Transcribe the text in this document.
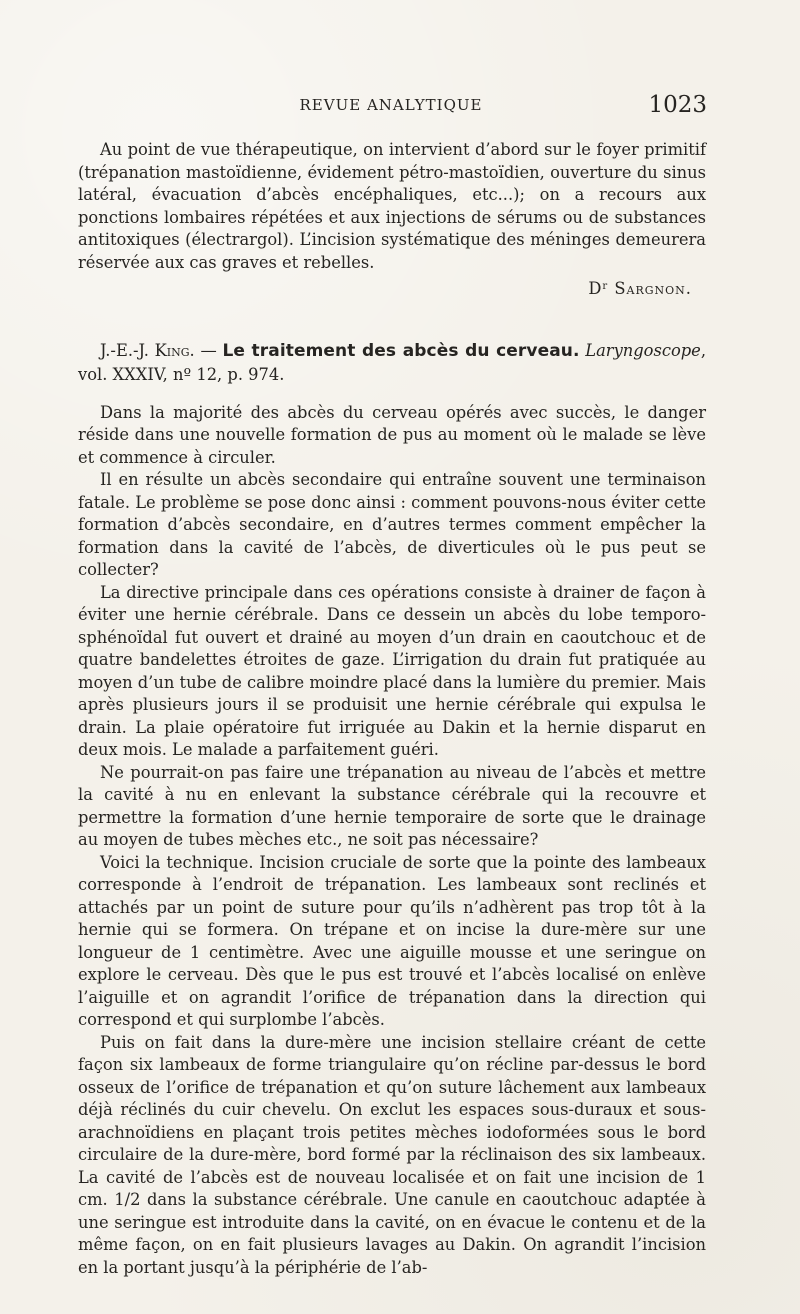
REVUE ANALYTIQUE	1023

Au point de vue thérapeutique, on intervient d’abord sur le foyer primitif (trépanation mastoïdienne, évidement pétro-mastoïdien, ouverture du sinus latéral, évacuation d’abcès encéphaliques, etc...); on a recours aux ponctions lombaires répétées et aux injections de sérums ou de substances antitoxiques (électrargol). L’incision systématique des méninges demeurera réservée aux cas graves et rebelles.

$D^r$ Sargnon.

J.-E.-J. King. — Le traitement des abcès du cerveau. Laryngoscope, vol. XXXIV, nº 12, p. 974.

Dans la majorité des abcès du cerveau opérés avec succès, le danger réside dans une nouvelle formation de pus au moment où le malade se lève et commence à circuler.

Il en résulte un abcès secondaire qui entraîne souvent une terminaison fatale. Le problème se pose donc ainsi : comment pouvons-nous éviter cette formation d’abcès secondaire, en d’autres termes comment empêcher la formation dans la cavité de l’abcès, de diverticules où le pus peut se collecter?

La directive principale dans ces opérations consiste à drainer de façon à éviter une hernie cérébrale. Dans ce dessein un abcès du lobe temporo-sphénoïdal fut ouvert et drainé au moyen d’un drain en caoutchouc et de quatre bandelettes étroites de gaze. L’irrigation du drain fut pratiquée au moyen d’un tube de calibre moindre placé dans la lumière du premier. Mais après plusieurs jours il se produisit une hernie cérébrale qui expulsa le drain. La plaie opératoire fut irriguée au Dakin et la hernie disparut en deux mois. Le malade a parfaitement guéri.

Ne pourrait-on pas faire une trépanation au niveau de l’abcès et mettre la cavité à nu en enlevant la substance cérébrale qui la recouvre et permettre la formation d’une hernie temporaire de sorte que le drainage au moyen de tubes mèches etc., ne soit pas nécessaire?

Voici la technique. Incision cruciale de sorte que la pointe des lambeaux corresponde à l’endroit de trépanation. Les lambeaux sont reclinés et attachés par un point de suture pour qu’ils n’adhèrent pas trop tôt à la hernie qui se formera. On trépane et on incise la dure-mère sur une longueur de 1 centimètre. Avec une aiguille mousse et une seringue on explore le cerveau. Dès que le pus est trouvé et l’abcès localisé on enlève l’aiguille et on agrandit l’orifice de trépanation dans la direction qui correspond et qui surplombe l’abcès.

Puis on fait dans la dure-mère une incision stellaire créant de cette façon six lambeaux de forme triangulaire qu’on récline par-dessus le bord osseux de l’orifice de trépanation et qu’on suture lâchement aux lambeaux déjà réclinés du cuir chevelu. On exclut les espaces sous-duraux et sous-arachnoïdiens en plaçant trois petites mèches iodoformées sous le bord circulaire de la dure-mère, bord formé par la réclinaison des six lambeaux. La cavité de l’abcès est de nouveau localisée et on fait une incision de 1 cm. 1/2 dans la substance cérébrale. Une canule en caoutchouc adaptée à une seringue est introduite dans la cavité, on en évacue le contenu et de la même façon, on en fait plusieurs lavages au Dakin. On agrandit l’incision en la portant jusqu’à la périphérie de l’ab-
